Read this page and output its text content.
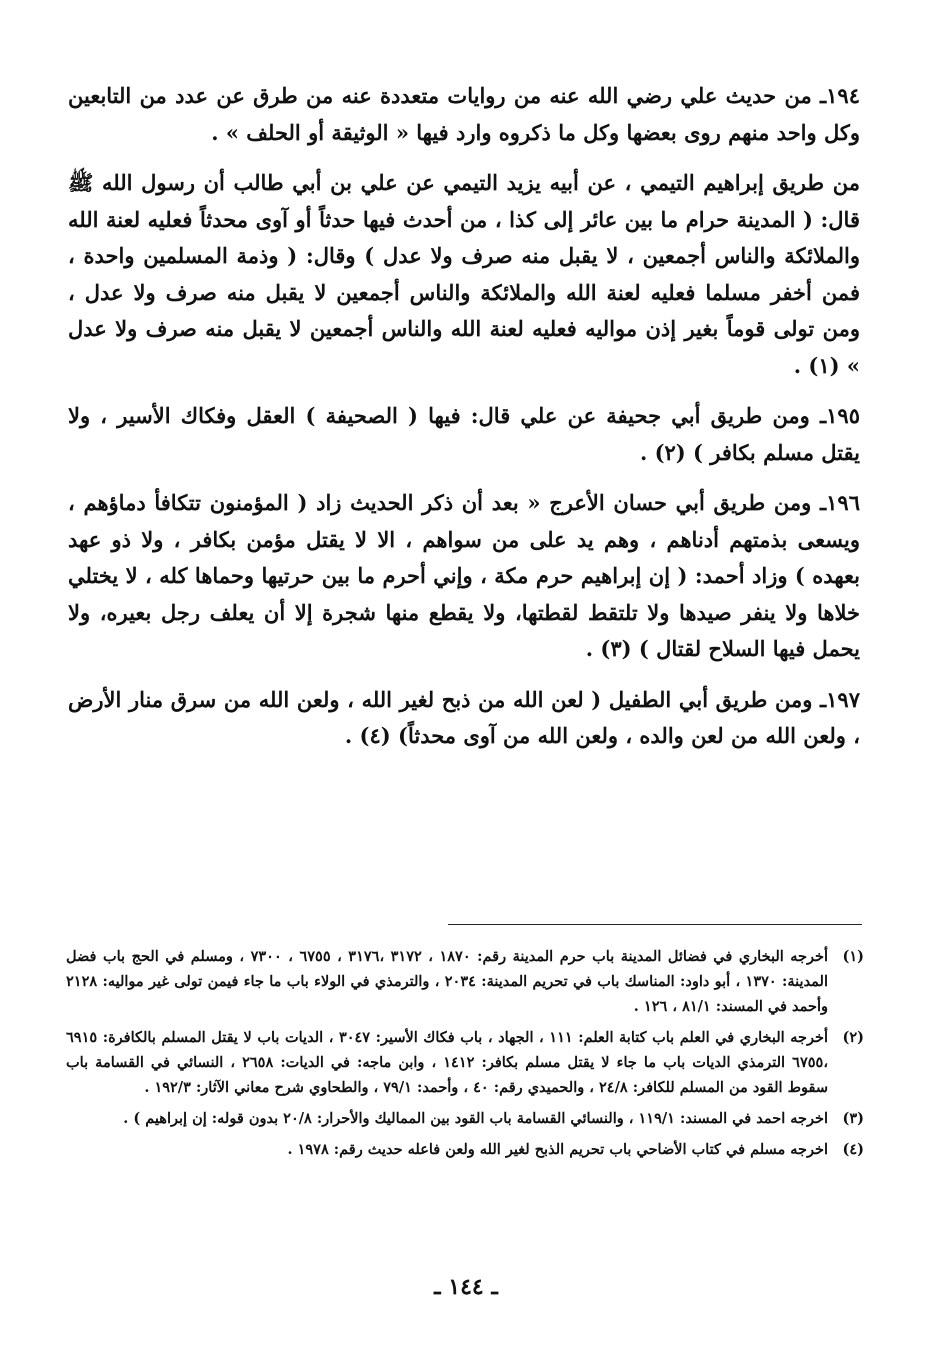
١٩٤ـ من حديث علي رضي الله عنه من روايات متعددة عنه من طرق عن عدد من التابعين وكل واحد منهم روى بعضها وكل ما ذكروه وارد فيها « الوثيقة أو الحلف » .

من طريق إبراهيم التيمي ، عن أبيه يزيد التيمي عن علي بن أبي طالب أن رسول الله ﷺ قال: ( المدينة حرام ما بين عائر إلى كذا ، من أحدث فيها حدثاً أو آوى محدثاً فعليه لعنة الله والملائكة والناس أجمعين ، لا يقبل منه صرف ولا عدل ) وقال: ( وذمة المسلمين واحدة ، فمن أخفر مسلما فعليه لعنة الله والملائكة والناس أجمعين لا يقبل منه صرف ولا عدل ، ومن تولى قوماً بغير إذن مواليه فعليه لعنة الله والناس أجمعين لا يقبل منه صرف ولا عدل » (١) .

١٩٥ـ ومن طريق أبي جحيفة عن علي قال: فيها ( الصحيفة ) العقل وفكاك الأسير ، ولا يقتل مسلم بكافر ) (٢) .

١٩٦ـ ومن طريق أبي حسان الأعرج « بعد أن ذكر الحديث زاد ( المؤمنون تتكافأ دماؤهم ، ويسعى بذمتهم أدناهم ، وهم يد على من سواهم ، الا لا يقتل مؤمن بكافر ، ولا ذو عهد بعهده ) وزاد أحمد: ( إن إبراهيم حرم مكة ، وإني أحرم ما بين حرتيها وحماها كله ، لا يختلي خلاها ولا ينفر صيدها ولا تلتقط لقطتها، ولا يقطع منها شجرة إلا أن يعلف رجل بعيره، ولا يحمل فيها السلاح لقتال ) (٣) .

١٩٧ـ ومن طريق أبي الطفيل ( لعن الله من ذبح لغير الله ، ولعن الله من سرق منار الأرض ، ولعن الله من لعن والده ، ولعن الله من آوى محدثاً) (٤) .

(١)
أخرجه البخاري في فضائل المدينة باب حرم المدينة رقم: ١٨٧٠ ، ٣١٧٢ ،٣١٧٦ ، ٦٧٥٥ ، ٧٣٠٠ ، ومسلم في الحج باب فضل المدينة: ١٣٧٠ ، أبو داود: المناسك باب في تحريم المدينة: ٢٠٣٤ ، والترمذي في الولاء باب ما جاء فيمن تولى غير مواليه: ٢١٢٨ وأحمد في المسند: ٨١/١ ، ١٢٦ .
(٢)
أخرجه البخاري في العلم باب كتابة العلم: ١١١ ، الجهاد ، باب فكاك الأسير: ٣٠٤٧ ، الديات باب لا يقتل المسلم بالكافرة: ٦٩١٥ ،٦٧٥٥ الترمذي الديات باب ما جاء لا يقتل مسلم بكافر: ١٤١٢ ، وابن ماجه: في الديات: ٢٦٥٨ ، النسائي في القسامة باب سقوط القود من المسلم للكافر: ٢٤/٨ ، والحميدي رقم: ٤٠ ، وأحمد: ٧٩/١ ، والطحاوي شرح معاني الآثار: ١٩٢/٣ .
(٣)
اخرجه احمد في المسند: ١١٩/١ ، والنسائي القسامة باب القود بين المماليك والأحرار: ٢٠/٨ بدون قوله: إن إبراهيم ) .
(٤)
اخرجه مسلم في كتاب الأضاحي باب تحريم الذبح لغير الله ولعن فاعله حديث رقم: ١٩٧٨ .
ـ ١٤٤ ـ
